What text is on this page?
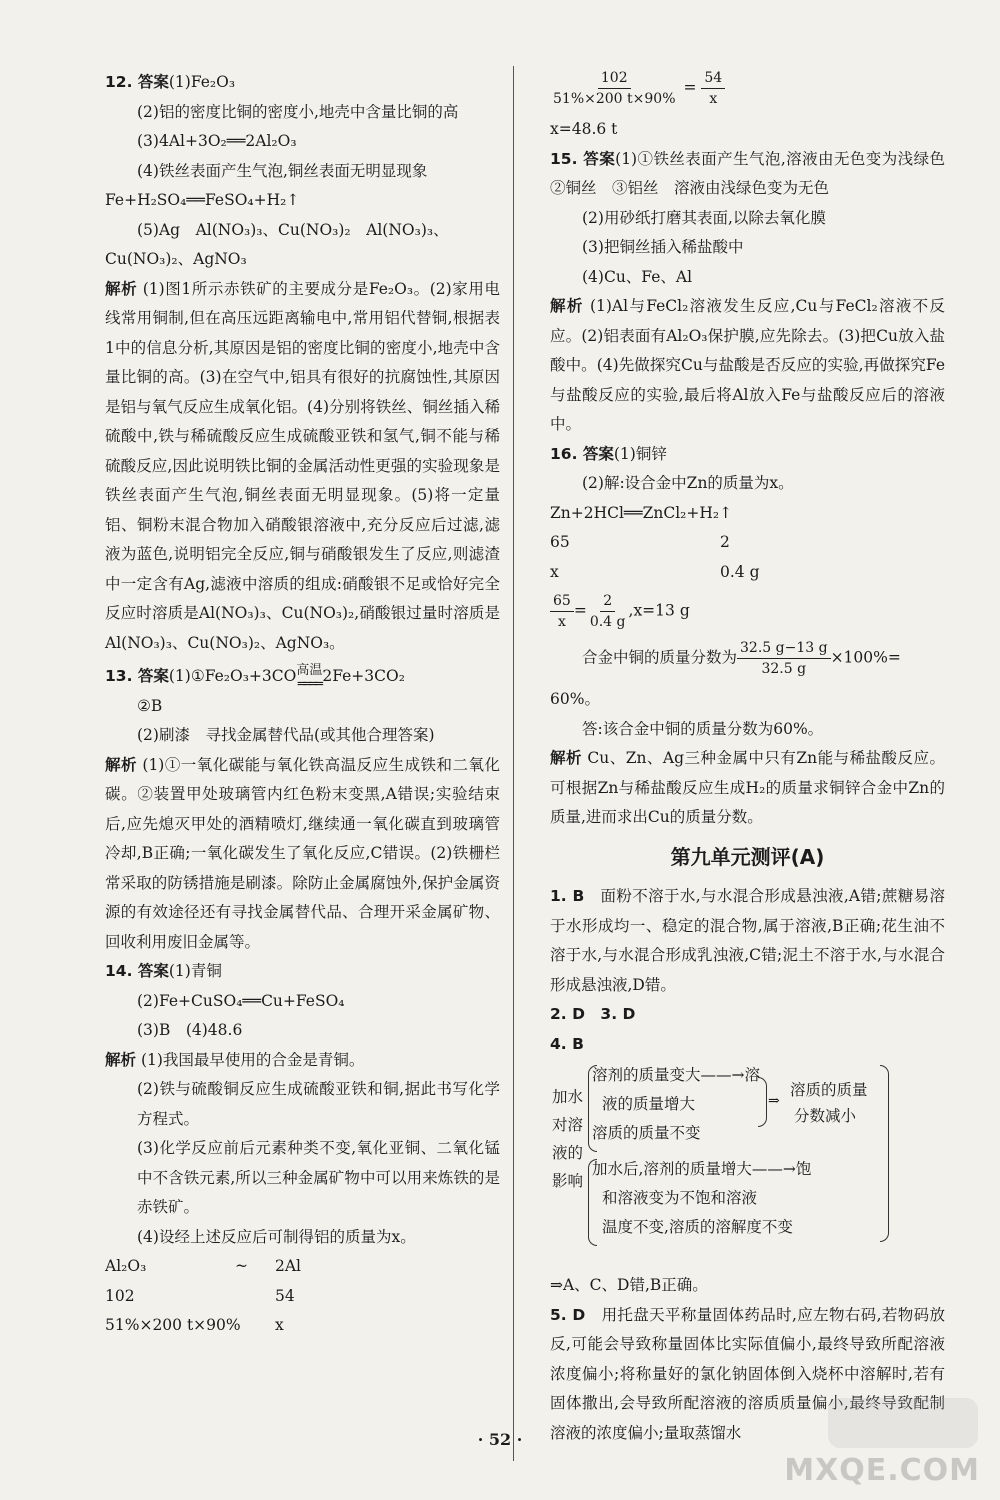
12. 答案(1)Fe₂O₃

(2)铝的密度比铜的密度小,地壳中含量比铜的高

(3)4Al+3O₂══2Al₂O₃

(4)铁丝表面产生气泡,铜丝表面无明显现象

Fe+H₂SO₄══FeSO₄+H₂↑

(5)Ag　Al(NO₃)₃、Cu(NO₃)₂　Al(NO₃)₃、

Cu(NO₃)₂、AgNO₃

解析 (1)图1所示赤铁矿的主要成分是Fe₂O₃。(2)家用电线常用铜制,但在高压远距离输电中,常用铝代替铜,根据表1中的信息分析,其原因是铝的密度比铜的密度小,地壳中含量比铜的高。(3)在空气中,铝具有很好的抗腐蚀性,其原因是铝与氧气反应生成氧化铝。(4)分别将铁丝、铜丝插入稀硫酸中,铁与稀硫酸反应生成硫酸亚铁和氢气,铜不能与稀硫酸反应,因此说明铁比铜的金属活动性更强的实验现象是铁丝表面产生气泡,铜丝表面无明显现象。(5)将一定量铝、铜粉末混合物加入硝酸银溶液中,充分反应后过滤,滤液为蓝色,说明铝完全反应,铜与硝酸银发生了反应,则滤渣中一定含有Ag,滤液中溶质的组成:硝酸银不足或恰好完全反应时溶质是Al(NO₃)₃、Cu(NO₃)₂,硝酸银过量时溶质是Al(NO₃)₃、Cu(NO₃)₂、AgNO₃。

13. 答案(1)①Fe₂O₃+3CO 高温
════ 2Fe+3CO₂

②B

(2)刷漆　寻找金属替代品(或其他合理答案)

解析 (1)①一氧化碳能与氧化铁高温反应生成铁和二氧化碳。②装置甲处玻璃管内红色粉末变黑,A错误;实验结束后,应先熄灭甲处的酒精喷灯,继续通一氧化碳直到玻璃管冷却,B正确;一氧化碳发生了氧化反应,C错误。(2)铁栅栏常采取的防锈措施是刷漆。除防止金属腐蚀外,保护金属资源的有效途径还有寻找金属替代品、合理开采金属矿物、回收利用废旧金属等。

14. 答案(1)青铜

(2)Fe+CuSO₄══Cu+FeSO₄

(3)B　(4)48.6

解析 (1)我国最早使用的合金是青铜。

(2)铁与硫酸铜反应生成硫酸亚铁和铜,据此书写化学方程式。

(3)化学反应前后元素种类不变,氧化亚铜、二氧化锰中不含铁元素,所以三种金属矿物中可以用来炼铁的是赤铁矿。

(4)设经上述反应后可制得铝的质量为x。

Al₂O₃	~	2Al
102	54
51%×200 t×90%	x

$\frac{102}{51\%\times 200 t\times 90\%} = \frac{54}{x}$

x=48.6 t

15. 答案(1)①铁丝表面产生气泡,溶液由无色变为浅绿色　②铜丝　③铝丝　溶液由浅绿色变为无色

(2)用砂纸打磨其表面,以除去氧化膜

(3)把铜丝插入稀盐酸中

(4)Cu、Fe、Al

解析 (1)Al与FeCl₂溶液发生反应,Cu与FeCl₂溶液不反应。(2)铝表面有Al₂O₃保护膜,应先除去。(3)把Cu放入盐酸中。(4)先做探究Cu与盐酸是否反应的实验,再做探究Fe与盐酸反应的实验,最后将Al放入Fe与盐酸反应后的溶液中。

16. 答案(1)铜锌

(2)解:设合金中Zn的质量为x。

Zn+2HCl══ZnCl₂+H₂↑

65	2
x	0.4 g

$\frac{65}{x} = \frac{2}{0.4 g} ,x=13$ g

合金中铜的质量分数为 $\frac{32.5 g-13 g}{32.5 g} \times 100\%=$

60%。

答:该合金中铜的质量分数为60%。

解析 Cu、Zn、Ag三种金属中只有Zn能与稀盐酸反应。可根据Zn与稀盐酸反应生成H₂的质量求铜锌合金中Zn的质量,进而求出Cu的质量分数。

第九单元测评(A)

1. B　 面粉不溶于水,与水混合形成悬浊液,A错;蔗糖易溶于水形成均一、稳定的混合物,属于溶液,B正确;花生油不溶于水,与水混合形成乳浊液,C错;泥土不溶于水,与水混合形成悬浊液,D错。

2. D　3. D

4. B

加水
对溶
液的
影响
溶剂的质量变大——→溶
液的质量增大
溶质的质量不变
⇒
溶质的质量
分数减小
加水后,溶剂的质量增大——→饱
和溶液变为不饱和溶液
温度不变,溶质的溶解度不变

⇒A、C、D错,B正确。

5. D　 用托盘天平称量固体药品时,应左物右码,若物码放反,可能会导致称量固体比实际值偏小,最终导致所配溶液浓度偏小;将称量好的氯化钠固体倒入烧杯中溶解时,若有固体撒出,会导致所配溶液的溶质质量偏小,最终导致配制溶液的浓度偏小;量取蒸馏水

· 52 ·
MXQE.COM
